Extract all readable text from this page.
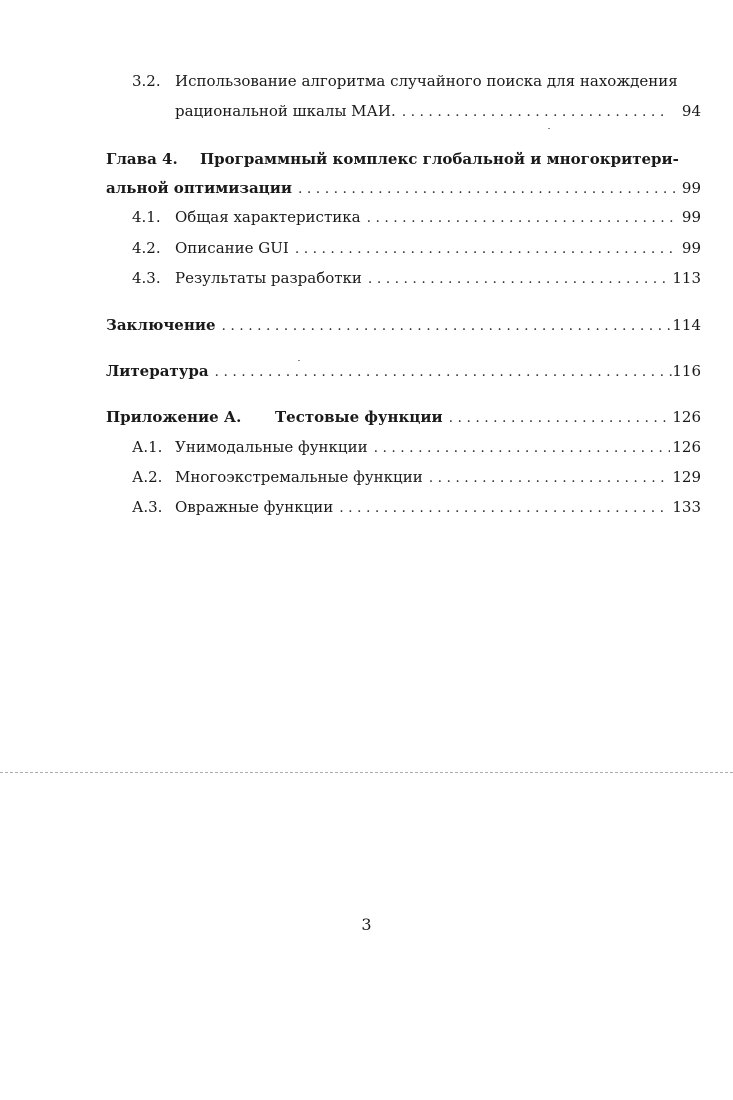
3.2. Использование алгоритма случайного поиска для нахождения
рациональной шкалы МАИ. . . .	94
Глава 4. Программный комплекс глобальной и многокритери-
альной оптимизации . . .	99
4.1. Общая характеристика . . .	99
4.2. Описание GUI . . .	99
4.3. Результаты разработки . . .	113
Заключение . . .	114
Литература . . .	116
Приложение А. Тестовые функции . . .	126
А.1. Унимодальные функции . . .	126
А.2. Многоэкстремальные функции . . .	129
А.3. Овражные функции . . .	133
3
